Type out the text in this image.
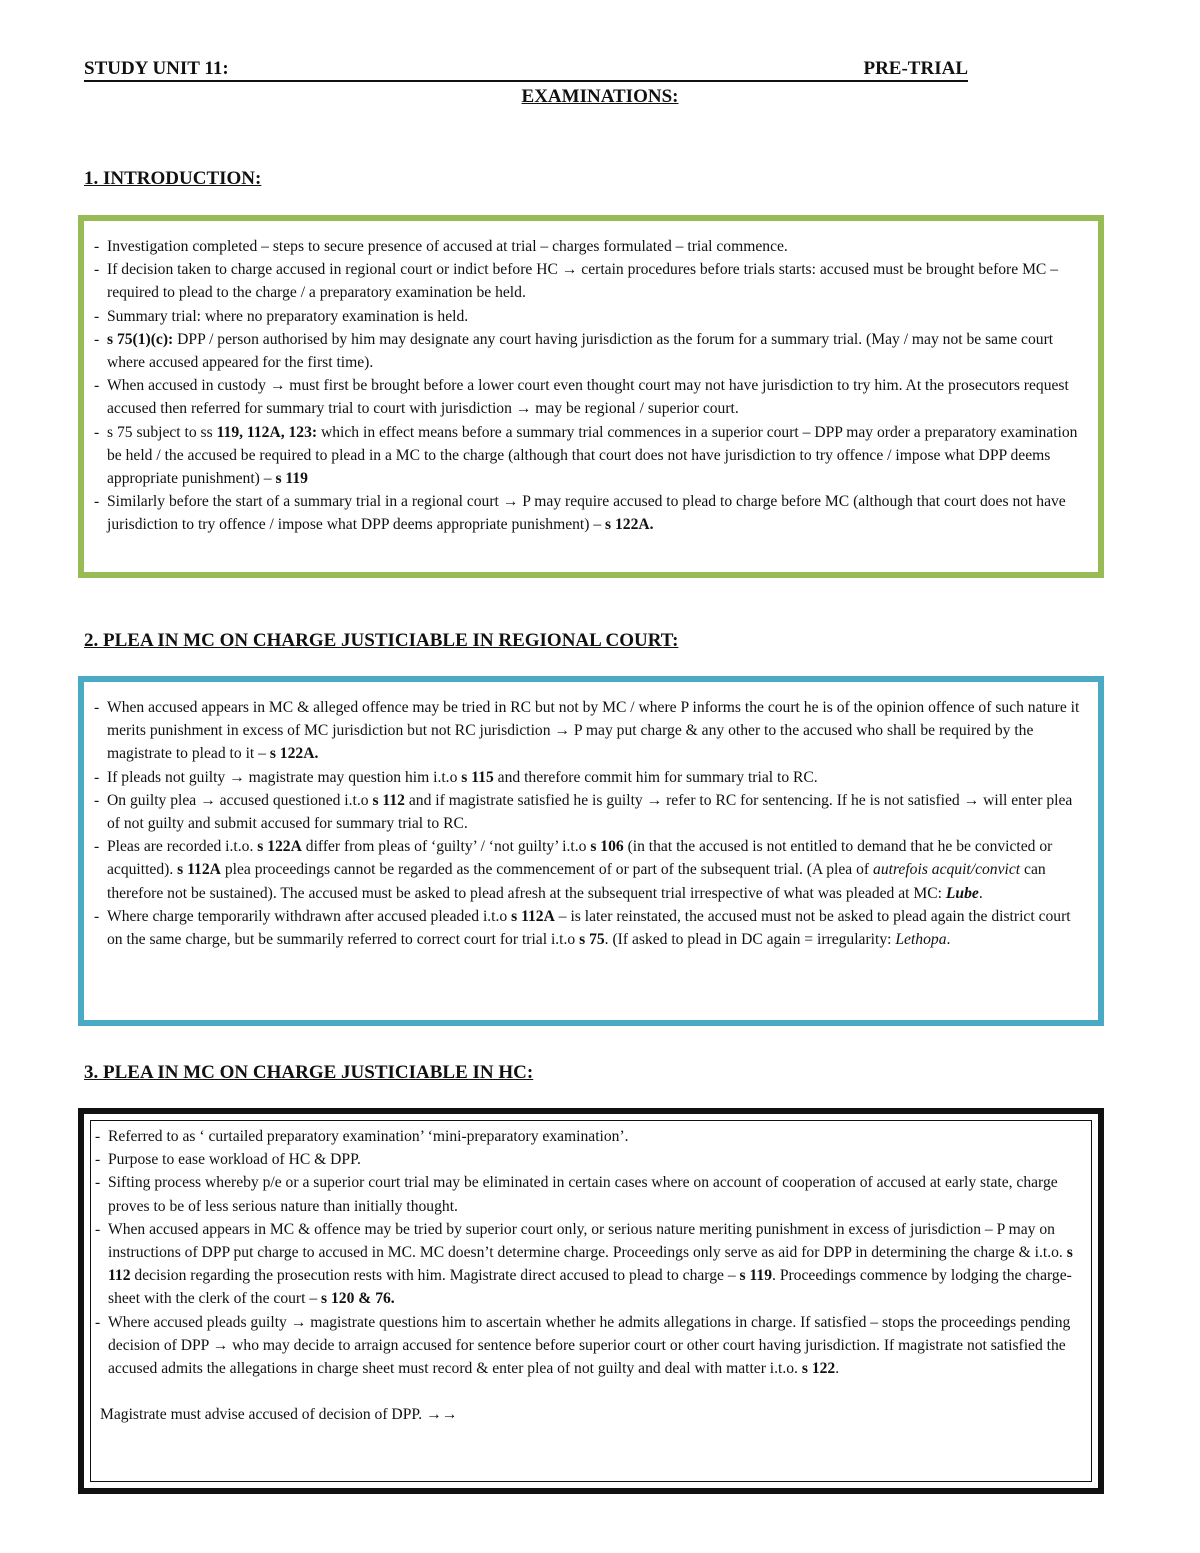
STUDY UNIT 11:	PRE-TRIAL
EXAMINATIONS:
1. INTRODUCTION:
- Investigation completed – steps to secure presence of accused at trial – charges formulated – trial commence.
- If decision taken to charge accused in regional court or indict before HC → certain procedures before trials starts: accused must be brought before MC – required to plead to the charge / a preparatory examination be held.
- Summary trial: where no preparatory examination is held.
- s 75(1)(c): DPP / person authorised by him may designate any court having jurisdiction as the forum for a summary trial. (May / may not be same court where accused appeared for the first time).
- When accused in custody → must first be brought before a lower court even thought court may not have jurisdiction to try him. At the prosecutors request accused then referred for summary trial to court with jurisdiction → may be regional / superior court.
- s 75 subject to ss 119, 112A, 123: which in effect means before a summary trial commences in a superior court – DPP may order a preparatory examination be held / the accused be required to plead in a MC to the charge (although that court does not have jurisdiction to try offence / impose what DPP deems appropriate punishment) – s 119
- Similarly before the start of a summary trial in a regional court → P may require accused to plead to charge before MC (although that court does not have jurisdiction to try offence / impose what DPP deems appropriate punishment) – s 122A.
2. PLEA IN MC ON CHARGE JUSTICIABLE IN REGIONAL COURT:
- When accused appears in MC & alleged offence may be tried in RC but not by MC / where P informs the court he is of the opinion offence of such nature it merits punishment in excess of MC jurisdiction but not RC jurisdiction → P may put charge & any other to the accused who shall be required by the magistrate to plead to it – s 122A.
- If pleads not guilty → magistrate may question him i.t.o s 115 and therefore commit him for summary trial to RC.
- On guilty plea → accused questioned i.t.o s 112 and if magistrate satisfied he is guilty → refer to RC for sentencing. If he is not satisfied → will enter plea of not guilty and submit accused for summary trial to RC.
- Pleas are recorded i.t.o. s 122A differ from pleas of ‘guilty’ / ‘not guilty’ i.t.o s 106 (in that the accused is not entitled to demand that he be convicted or acquitted). s 112A plea proceedings cannot be regarded as the commencement of or part of the subsequent trial. (A plea of autrefois acquit/convict can therefore not be sustained). The accused must be asked to plead afresh at the subsequent trial irrespective of what was pleaded at MC: Lube.
- Where charge temporarily withdrawn after accused pleaded i.t.o s 112A – is later reinstated, the accused must not be asked to plead again the district court on the same charge, but be summarily referred to correct court for trial i.t.o s 75. (If asked to plead in DC again = irregularity: Lethopa.
3. PLEA IN MC ON CHARGE JUSTICIABLE IN HC:
- Referred to as ‘ curtailed preparatory examination’ ‘mini-preparatory examination’.
- Purpose to ease workload of HC & DPP.
- Sifting process whereby p/e or a superior court trial may be eliminated in certain cases where on account of cooperation of accused at early state, charge proves to be of less serious nature than initially thought.
- When accused appears in MC & offence may be tried by superior court only, or serious nature meriting punishment in excess of jurisdiction – P may on instructions of DPP put charge to accused in MC. MC doesn’t determine charge. Proceedings only serve as aid for DPP in determining the charge & i.t.o. s 112 decision regarding the prosecution rests with him. Magistrate direct accused to plead to charge – s 119. Proceedings commence by lodging the charge-sheet with the clerk of the court – s 120 & 76.
- Where accused pleads guilty → magistrate questions him to ascertain whether he admits allegations in charge. If satisfied – stops the proceedings pending decision of DPP → who may decide to arraign accused for sentence before superior court or other court having jurisdiction. If magistrate not satisfied the accused admits the allegations in charge sheet must record & enter plea of not guilty and deal with matter i.t.o. s 122.
Magistrate must advise accused of decision of DPP. →→
